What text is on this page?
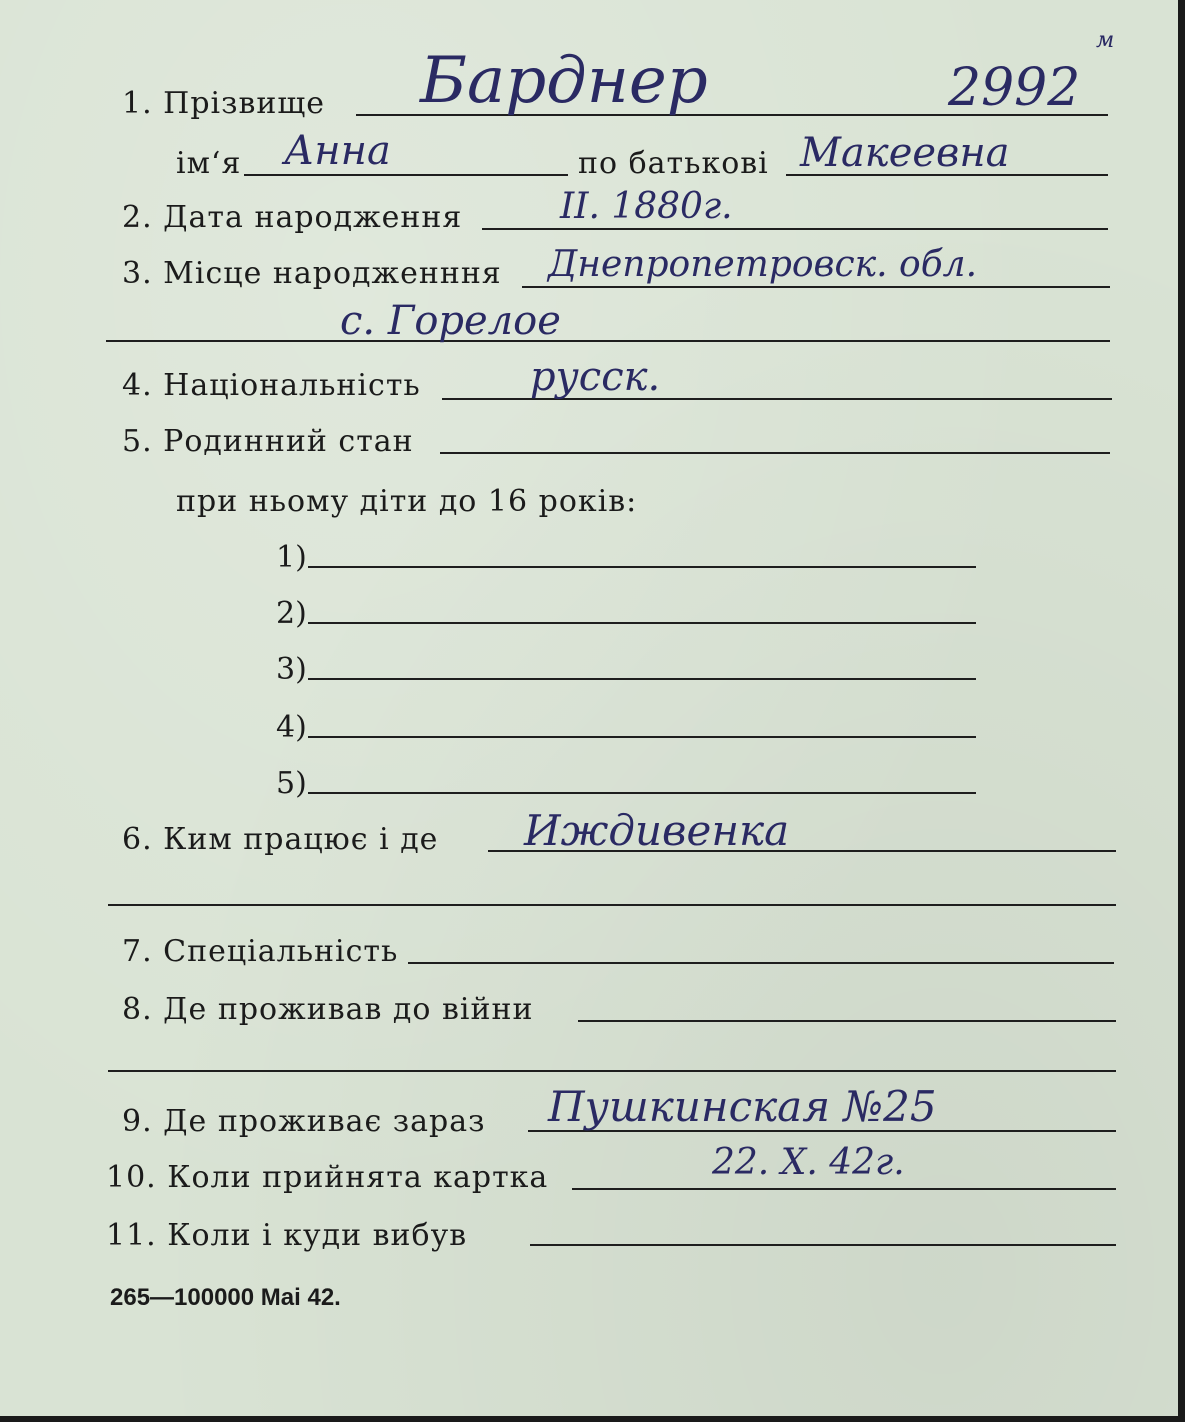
м
2992
1. Прізвище Барднер
ім‘я Анна	по батькові Макеевна
2. Дата народження	II. 1880г.
3. Місце народженння Днепропетровск. обл.
с. Горелое
4. Національність	русск.
5. Родинний стан
при ньому діти до 16 років:
1)
2)
3)
4)
5)
6. Ким працює і де Иждивенка
7. Спеціальність
8. Де проживав до війни
9. Де проживає зараз Пушкинская №25
10. Коли прийнята картка	22. X. 42г.
11. Коли і куди вибув
265—100000 Mai 42.
